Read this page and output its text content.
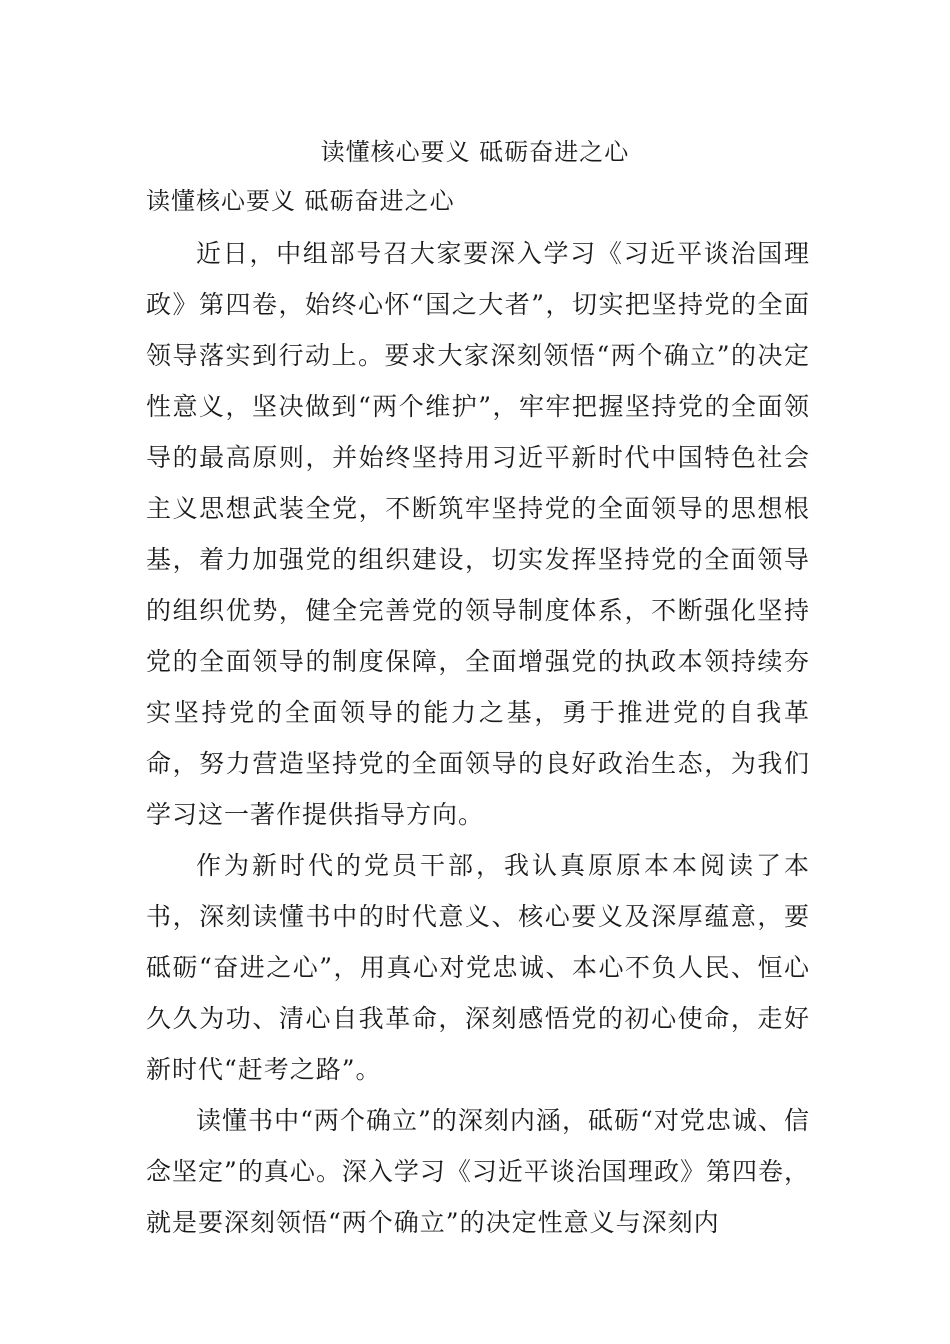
读懂核心要义 砥砺奋进之心

读懂核心要义 砥砺奋进之心

近日，中组部号召大家要深入学习《习近平谈治国理政》第四卷，始终心怀“国之大者”，切实把坚持党的全面领导落实到行动上。要求大家深刻领悟“两个确立”的决定性意义，坚决做到“两个维护”，牢牢把握坚持党的全面领导的最高原则，并始终坚持用习近平新时代中国特色社会主义思想武装全党，不断筑牢坚持党的全面领导的思想根基，着力加强党的组织建设，切实发挥坚持党的全面领导的组织优势，健全完善党的领导制度体系，不断强化坚持党的全面领导的制度保障，全面增强党的执政本领持续夯实坚持党的全面领导的能力之基，勇于推进党的自我革命，努力营造坚持党的全面领导的良好政治生态，为我们学习这一著作提供指导方向。

作为新时代的党员干部，我认真原原本本阅读了本书，深刻读懂书中的时代意义、核心要义及深厚蕴意，要砥砺“奋进之心”，用真心对党忠诚、本心不负人民、恒心久久为功、清心自我革命，深刻感悟党的初心使命，走好新时代“赶考之路”。

读懂书中“两个确立”的深刻内涵，砥砺“对党忠诚、信念坚定”的真心。深入学习《习近平谈治国理政》第四卷，就是要深刻领悟“两个确立”的决定性意义与深刻内
